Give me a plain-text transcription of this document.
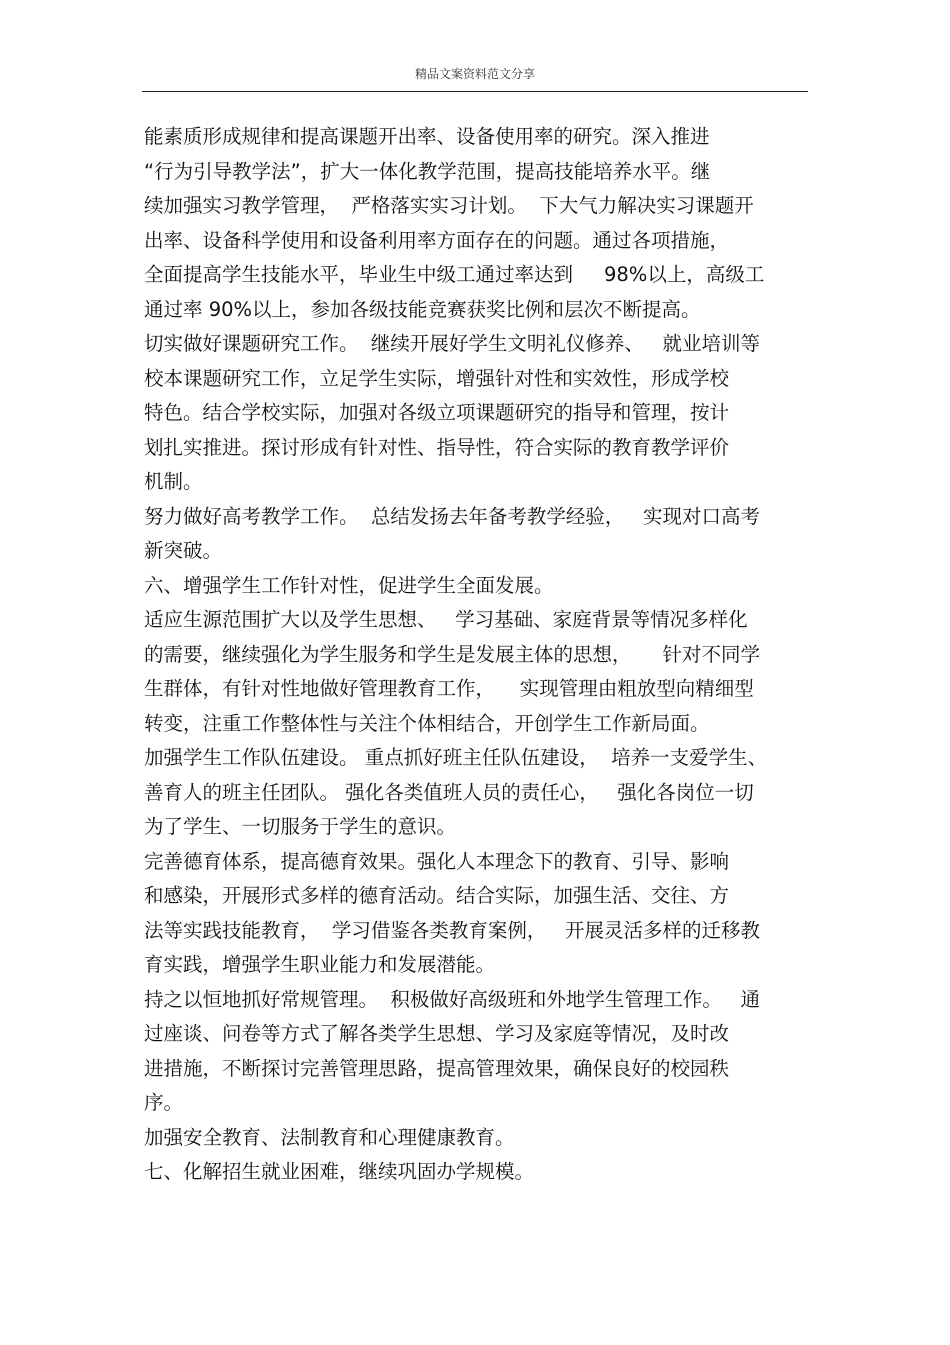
精品文案资料范文分享
能素质形成规律和提高课题开出率、设备使用率的研究。深入推进
“行为引导教学法”，扩大一体化教学范围，提高技能培养水平。继
续加强实习教学管理，  严格落实实习计划。  下大气力解决实习课题开
出率、设备科学使用和设备利用率方面存在的问题。通过各项措施，
全面提高学生技能水平，毕业生中级工通过率达到     98%以上，高级工
通过率 90%以上，参加各级技能竞赛获奖比例和层次不断提高。
切实做好课题研究工作。  继续开展好学生文明礼仪修养、   就业培训等
校本课题研究工作，立足学生实际，增强针对性和实效性，形成学校
特色。结合学校实际，加强对各级立项课题研究的指导和管理，按计
划扎实推进。探讨形成有针对性、指导性，符合实际的教育教学评价
机制。
努力做好高考教学工作。  总结发扬去年备考教学经验，   实现对口高考
新突破。
六、增强学生工作针对性，促进学生全面发展。
适应生源范围扩大以及学生思想、   学习基础、家庭背景等情况多样化
的需要，继续强化为学生服务和学生是发展主体的思想，     针对不同学
生群体，有针对性地做好管理教育工作，    实现管理由粗放型向精细型
转变，注重工作整体性与关注个体相结合，开创学生工作新局面。
加强学生工作队伍建设。 重点抓好班主任队伍建设，  培养一支爱学生、
善育人的班主任团队。 强化各类值班人员的责任心，   强化各岗位一切
为了学生、一切服务于学生的意识。
完善德育体系，提高德育效果。强化人本理念下的教育、引导、影响
和感染，开展形式多样的德育活动。结合实际，加强生活、交往、方
法等实践技能教育，  学习借鉴各类教育案例，   开展灵活多样的迁移教
育实践，增强学生职业能力和发展潜能。
持之以恒地抓好常规管理。  积极做好高级班和外地学生管理工作。   通
过座谈、问卷等方式了解各类学生思想、学习及家庭等情况，及时改
进措施，不断探讨完善管理思路，提高管理效果，确保良好的校园秩
序。
加强安全教育、法制教育和心理健康教育。
七、化解招生就业困难，继续巩固办学规模。
